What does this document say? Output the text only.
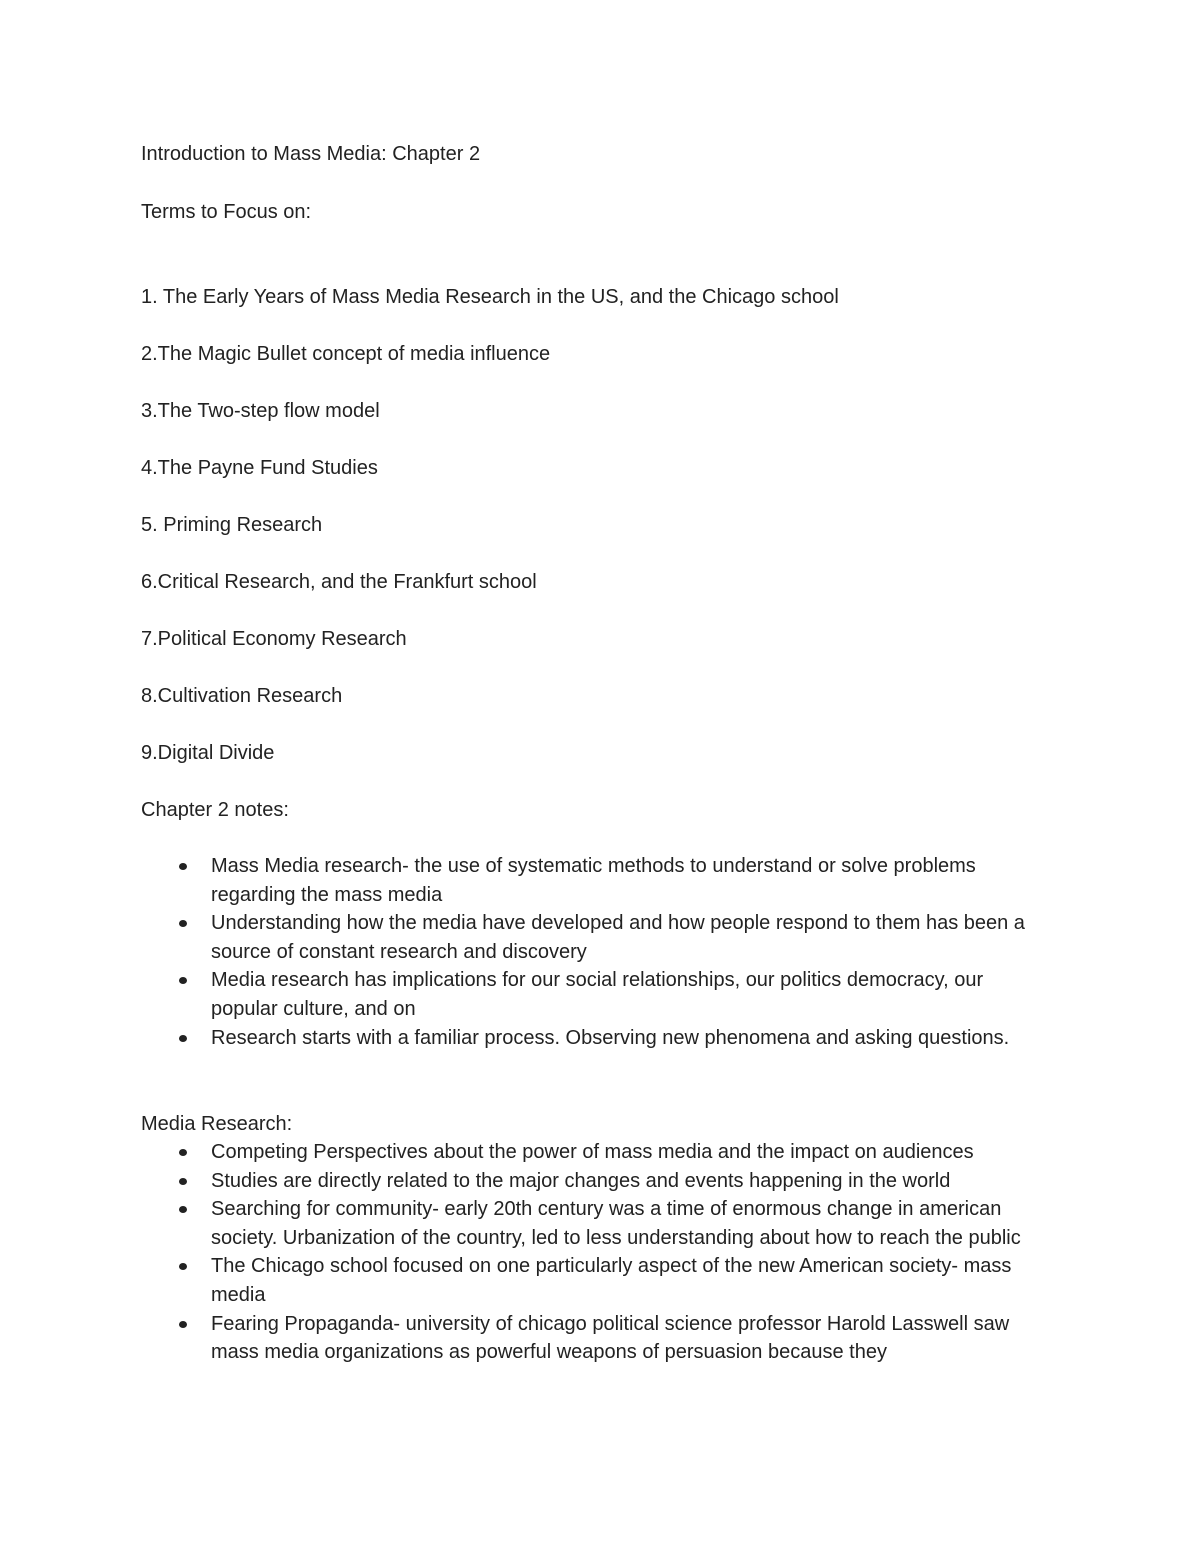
Introduction to Mass Media: Chapter 2
Terms to Focus on:
1. The Early Years of Mass Media Research in the US, and the Chicago school
2.The Magic Bullet concept of media influence
3.The Two-step flow model
4.The Payne Fund Studies
5. Priming Research
6.Critical Research, and the Frankfurt school
7.Political Economy Research
8.Cultivation Research
9.Digital Divide
Chapter 2 notes:
Mass Media research- the use of systematic methods to understand or solve problems regarding the mass media
Understanding how the media have developed and how people respond to them has been a source of constant research and discovery
Media research has implications for our social relationships, our politics democracy, our popular culture, and on
Research starts with a familiar process. Observing new phenomena and asking questions.
Media Research:
Competing Perspectives about the power of mass media and the impact on audiences
Studies are directly related to the major changes and events happening in the world
Searching for community- early 20th century was a time of enormous change in american society. Urbanization of the country, led to less understanding about how to reach the public
The Chicago school focused on one particularly aspect of the new American society- mass media
Fearing Propaganda- university of chicago political science professor Harold Lasswell saw mass media organizations as powerful weapons of persuasion because they
